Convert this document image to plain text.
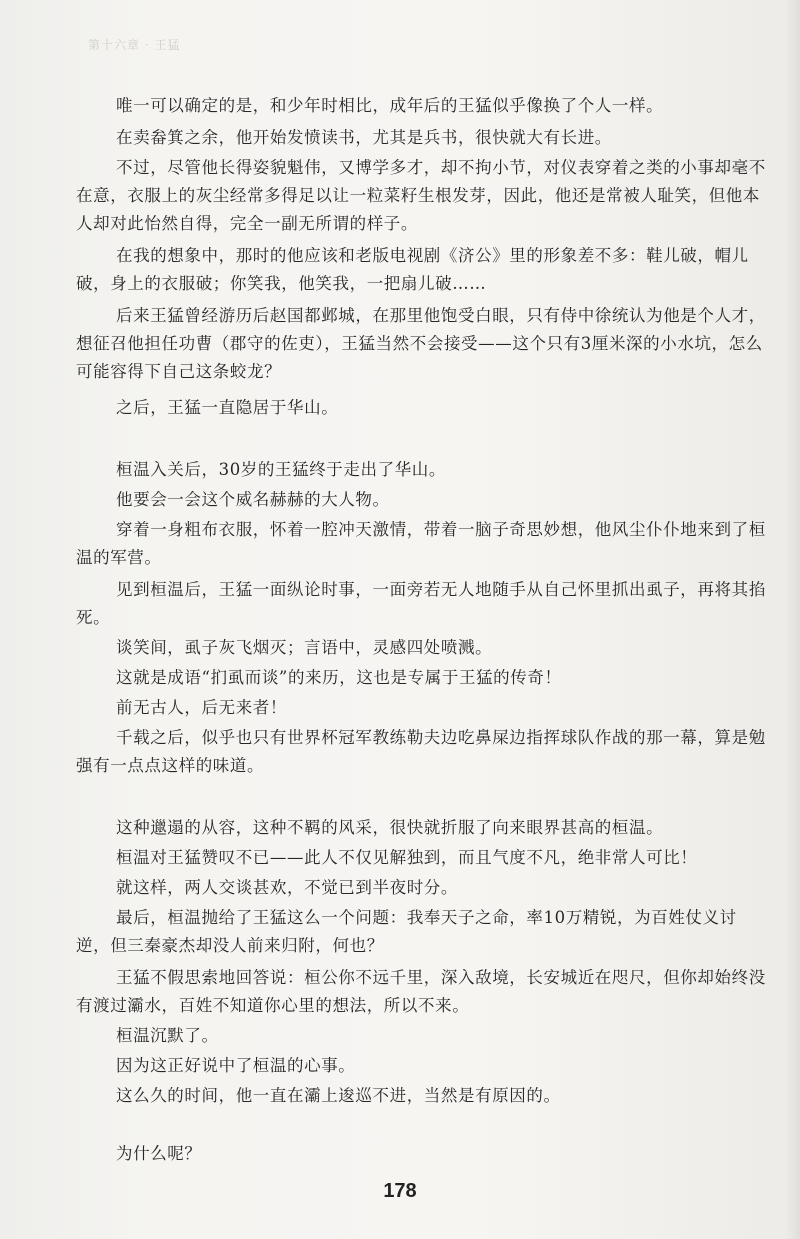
第十六章 · 王猛

唯一可以确定的是，和少年时相比，成年后的王猛似乎像换了个人一样。

在卖畚箕之余，他开始发愤读书，尤其是兵书，很快就大有长进。

不过，尽管他长得姿貌魁伟，又博学多才，却不拘小节，对仪表穿着之类的小事却毫不在意，衣服上的灰尘经常多得足以让一粒菜籽生根发芽，因此，他还是常被人耻笑，但他本人却对此怡然自得，完全一副无所谓的样子。

在我的想象中，那时的他应该和老版电视剧《济公》里的形象差不多：鞋儿破，帽儿破，身上的衣服破；你笑我，他笑我，一把扇儿破……

后来王猛曾经游历后赵国都邺城，在那里他饱受白眼，只有侍中徐统认为他是个人才，想征召他担任功曹（郡守的佐吏），王猛当然不会接受——这个只有3厘米深的小水坑，怎么可能容得下自己这条蛟龙？

之后，王猛一直隐居于华山。

桓温入关后，30岁的王猛终于走出了华山。

他要会一会这个威名赫赫的大人物。

穿着一身粗布衣服，怀着一腔冲天激情，带着一脑子奇思妙想，他风尘仆仆地来到了桓温的军营。

见到桓温后，王猛一面纵论时事，一面旁若无人地随手从自己怀里抓出虱子，再将其掐死。

谈笑间，虱子灰飞烟灭；言语中，灵感四处喷溅。

这就是成语“扪虱而谈”的来历，这也是专属于王猛的传奇！

前无古人，后无来者！

千载之后，似乎也只有世界杯冠军教练勒夫边吃鼻屎边指挥球队作战的那一幕，算是勉强有一点点这样的味道。

这种邋遢的从容，这种不羁的风采，很快就折服了向来眼界甚高的桓温。

桓温对王猛赞叹不已——此人不仅见解独到，而且气度不凡，绝非常人可比！

就这样，两人交谈甚欢，不觉已到半夜时分。

最后，桓温抛给了王猛这么一个问题：我奉天子之命，率10万精锐，为百姓仗义讨逆，但三秦豪杰却没人前来归附，何也？

王猛不假思索地回答说：桓公你不远千里，深入敌境，长安城近在咫尺，但你却始终没有渡过灞水，百姓不知道你心里的想法，所以不来。

桓温沉默了。

因为这正好说中了桓温的心事。

这么久的时间，他一直在灞上逡巡不进，当然是有原因的。

为什么呢？

178
